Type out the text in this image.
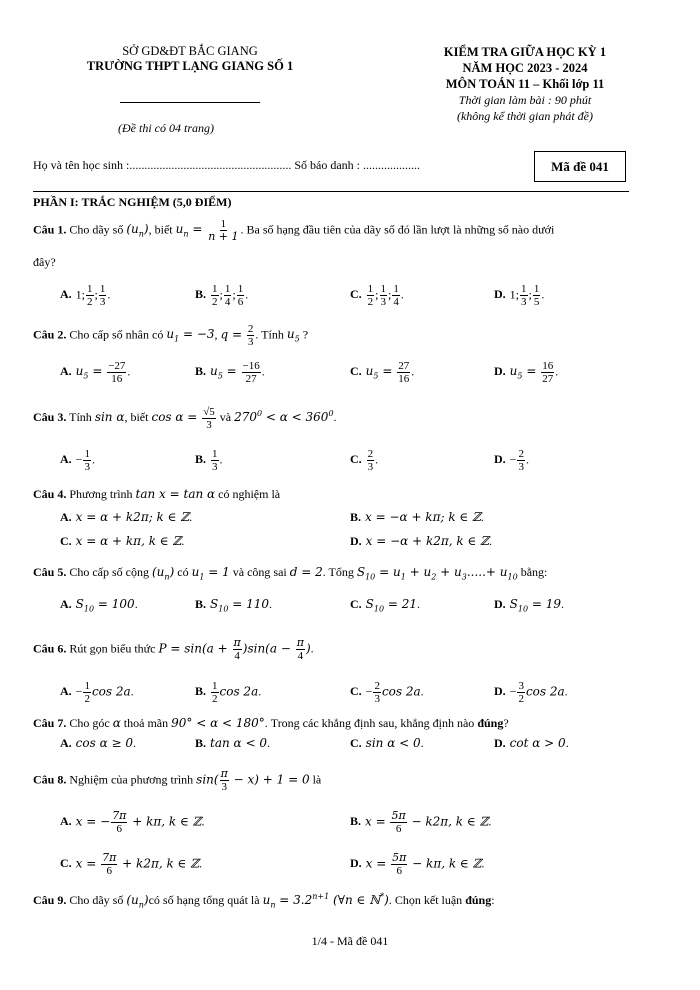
SỞ GD&ĐT BẮC GIANG
TRƯỜNG THPT LẠNG GIANG SỐ 1
(Đề thi có 04 trang)
KIỂM TRA GIỮA HỌC KỲ 1
NĂM HỌC 2023 - 2024
MÔN TOÁN 11 – Khối lớp 11
Thời gian làm bài : 90 phút
(không kể thời gian phát đề)
Họ và tên học sinh :...................................................... Số báo danh : ...................	Mã đề 041
PHẦN I: TRẮC NGHIỆM (5,0 ĐIỂM)
Câu 1. Cho dãy số $(u_n)$, biết $u_n = \frac{1}{n + 1}$ . Ba số hạng đầu tiên của dãy số đó lần lượt là những số nào dưới
đây?
A. 1; $\frac{1}{2}$ ; $\frac{1}{3}$ .	B. $\frac{1}{2}$ ; $\frac{1}{4}$ ; $\frac{1}{6}$ .	C. $\frac{1}{2}$ ; $\frac{1}{3}$ ; $\frac{1}{4}$ .	D. 1; $\frac{1}{3}$ ; $\frac{1}{5}$ .
Câu 2. Cho cấp số nhân có $u_1 = -3$, $q = \frac{2}{3}$ . Tính $u_5$ ?
A. $u_5 = \frac{-27}{16}$ .	B. $u_5 = \frac{-16}{27}$ .	C. $u_5 = \frac{27}{16}$ .	D. $u_5 = \frac{16}{27}$ .
Câu 3. Tính sin α, biết $\cos \alpha = \frac{√5}{3}$ và $270^0 < \alpha < 360^0$.
A. − $\frac{1}{3}$ .	B. $\frac{1}{3}$ .	C. $\frac{2}{3}$ .	D. − $\frac{2}{3}$ .
Câu 4. Phương trình tan x = tan α có nghiệm là
A. x = α + k2π; k ∈ ℤ.	B. x = −α + kπ; k ∈ ℤ.
C. x = α + kπ, k ∈ ℤ.	D. x = −α + k2π, k ∈ ℤ.
Câu 5. Cho cấp số cộng $(u_n)$ có $u_1 = 1$ và công sai d = 2. Tổng $S_{10} = u_1 + u_2 + u_3.....+ u_{10}$ bằng:
A. $S_{10} = 100$.	B. $S_{10} = 110$.	C. $S_{10} = 21$.	D. $S_{10} = 19$.
Câu 6. Rút gọn biểu thức $P = \sin(a + \frac{\pi}{4} )\sin(a - \frac{\pi}{4}$ ).
A. − $\frac{1}{2}$ cos 2a.	B. $\frac{1}{2}$ cos 2a.	C. − $\frac{2}{3}$ cos 2a.	D. − $\frac{3}{2}$ cos 2a.
Câu 7. Cho góc α thoả mãn 90° < α < 180°. Trong các khẳng định sau, khẳng định nào đúng?
A. cos α ≥ 0.	B. tan α < 0.	C. sin α < 0.	D. cot α > 0.
Câu 8. Nghiệm của phương trình $\sin( \frac{\pi}{3} - x) + 1 = 0$ là
A. x = − $\frac{7\pi}{6} + k\pi$, k ∈ ℤ.	B. $x = \frac{5\pi}{6} - k2\pi$, k ∈ ℤ.
C. $x = \frac{7\pi}{6} + k2\pi$, k ∈ ℤ.	D. $x = \frac{5\pi}{6} - k\pi$, k ∈ ℤ.
Câu 9. Cho dãy số $(u_n)có$ số hạng tổng quát là $u_n = 3.2^{n+1}$ (∀n ∈ ℕ*). Chọn kết luận đúng:
1/4 - Mã đề 041
